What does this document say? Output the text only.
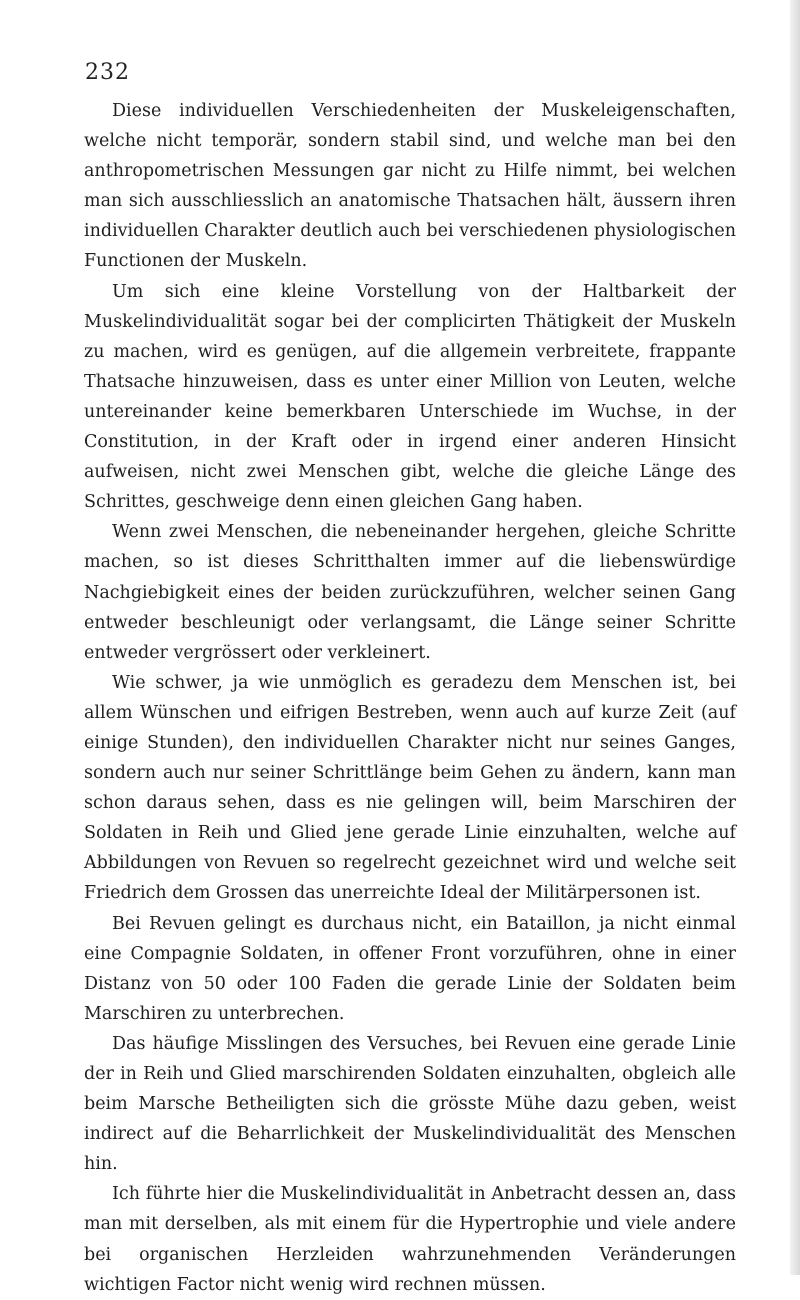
232

Diese individuellen Verschiedenheiten der Muskeleigenschaften, welche nicht temporär, sondern stabil sind, und welche man bei den anthropometrischen Messungen gar nicht zu Hilfe nimmt, bei welchen man sich ausschliesslich an anatomische Thatsachen hält, äussern ihren individuellen Charakter deutlich auch bei verschiedenen physiologischen Functionen der Muskeln.

Um sich eine kleine Vorstellung von der Haltbarkeit der Muskelindividualität sogar bei der complicirten Thätigkeit der Muskeln zu machen, wird es genügen, auf die allgemein verbreitete, frappante Thatsache hinzuweisen, dass es unter einer Million von Leuten, welche untereinander keine bemerkbaren Unterschiede im Wuchse, in der Constitution, in der Kraft oder in irgend einer anderen Hinsicht aufweisen, nicht zwei Menschen gibt, welche die gleiche Länge des Schrittes, geschweige denn einen gleichen Gang haben.

Wenn zwei Menschen, die nebeneinander hergehen, gleiche Schritte machen, so ist dieses Schritthalten immer auf die liebenswürdige Nachgiebigkeit eines der beiden zurückzuführen, welcher seinen Gang entweder beschleunigt oder verlangsamt, die Länge seiner Schritte entweder vergrössert oder verkleinert.

Wie schwer, ja wie unmöglich es geradezu dem Menschen ist, bei allem Wünschen und eifrigen Bestreben, wenn auch auf kurze Zeit (auf einige Stunden), den individuellen Charakter nicht nur seines Ganges, sondern auch nur seiner Schrittlänge beim Gehen zu ändern, kann man schon daraus sehen, dass es nie gelingen will, beim Marschiren der Soldaten in Reih und Glied jene gerade Linie einzuhalten, welche auf Abbildungen von Revuen so regelrecht gezeichnet wird und welche seit Friedrich dem Grossen das unerreichte Ideal der Militärpersonen ist.

Bei Revuen gelingt es durchaus nicht, ein Bataillon, ja nicht einmal eine Compagnie Soldaten, in offener Front vorzuführen, ohne in einer Distanz von 50 oder 100 Faden die gerade Linie der Soldaten beim Marschiren zu unterbrechen.

Das häufige Misslingen des Versuches, bei Revuen eine gerade Linie der in Reih und Glied marschirenden Soldaten einzuhalten, obgleich alle beim Marsche Betheiligten sich die grösste Mühe dazu geben, weist indirect auf die Beharrlichkeit der Muskelindividualität des Menschen hin.

Ich führte hier die Muskelindividualität in Anbetracht dessen an, dass man mit derselben, als mit einem für die Hypertrophie und viele andere bei organischen Herzleiden wahrzunehmenden Veränderungen wichtigen Factor nicht wenig wird rechnen müssen.
